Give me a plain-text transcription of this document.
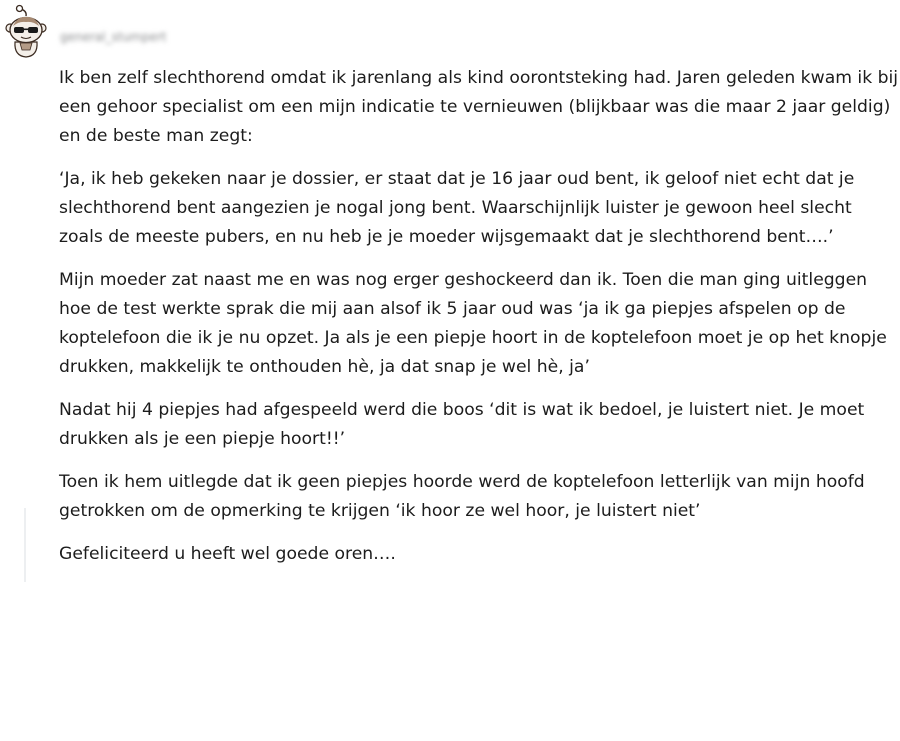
general_stumpert

Ik ben zelf slechthorend omdat ik jarenlang als kind oorontsteking had. Jaren geleden kwam ik bij een gehoor specialist om een mijn indicatie te vernieuwen (blijkbaar was die maar 2 jaar geldig) en de beste man zegt:

‘Ja, ik heb gekeken naar je dossier, er staat dat je 16 jaar oud bent, ik geloof niet echt dat je slechthorend bent aangezien je nogal jong bent. Waarschijnlijk luister je gewoon heel slecht zoals de meeste pubers, en nu heb je je moeder wijsgemaakt dat je slechthorend bent….’

Mijn moeder zat naast me en was nog erger geshockeerd dan ik. Toen die man ging uitleggen hoe de test werkte sprak die mij aan alsof ik 5 jaar oud was ‘ja ik ga piepjes afspelen op de koptelefoon die ik je nu opzet. Ja als je een piepje hoort in de koptelefoon moet je op het knopje drukken, makkelijk te onthouden hè, ja dat snap je wel hè, ja’

Nadat hij 4 piepjes had afgespeeld werd die boos ‘dit is wat ik bedoel, je luistert niet. Je moet drukken als je een piepje hoort!!’

Toen ik hem uitlegde dat ik geen piepjes hoorde werd de koptelefoon letterlijk van mijn hoofd getrokken om de opmerking te krijgen ‘ik hoor ze wel hoor, je luistert niet’

Gefeliciteerd u heeft wel goede oren….
